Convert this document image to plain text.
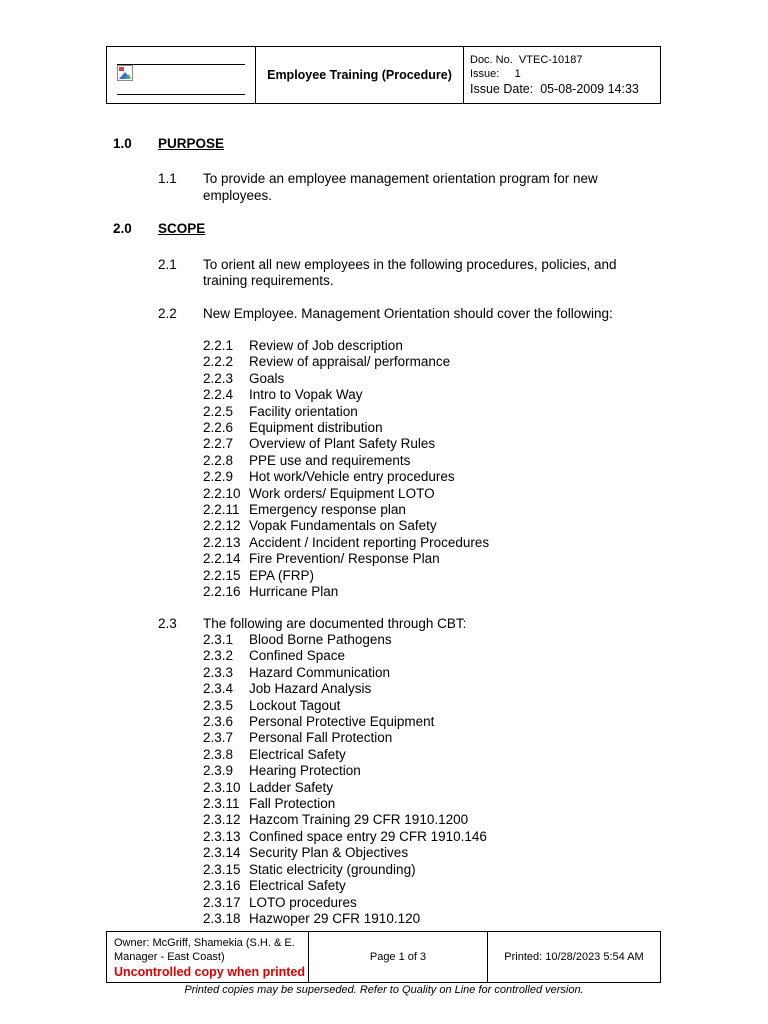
Employee Training (Procedure)
Doc. No. VTEC-10187
Issue: 1
Issue Date: 05-08-2009 14:33
1.0 PURPOSE
1.1 To provide an employee management orientation program for new
employees.
2.0 SCOPE
2.1 To orient all new employees in the following procedures, policies, and
training requirements.
2.2 New Employee. Management Orientation should cover the following:
2.2.1	Review of Job description
2.2.2	Review of appraisal/ performance
2.2.3	Goals
2.2.4	Intro to Vopak Way
2.2.5	Facility orientation
2.2.6	Equipment distribution
2.2.7	Overview of Plant Safety Rules
2.2.8	PPE use and requirements
2.2.9	Hot work/Vehicle entry procedures
2.2.10 Work orders/ Equipment LOTO
2.2.11 Emergency response plan
2.2.12 Vopak Fundamentals on Safety
2.2.13 Accident / Incident reporting Procedures
2.2.14 Fire Prevention/ Response Plan
2.2.15 EPA (FRP)
2.2.16 Hurricane Plan
2.3 The following are documented through CBT:
2.3.1	Blood Borne Pathogens
2.3.2	Confined Space
2.3.3	Hazard Communication
2.3.4	Job Hazard Analysis
2.3.5	Lockout Tagout
2.3.6	Personal Protective Equipment
2.3.7	Personal Fall Protection
2.3.8	Electrical Safety
2.3.9	Hearing Protection
2.3.10 Ladder Safety
2.3.11 Fall Protection
2.3.12 Hazcom Training 29 CFR 1910.1200
2.3.13 Confined space entry 29 CFR 1910.146
2.3.14 Security Plan & Objectives
2.3.15 Static electricity (grounding)
2.3.16 Electrical Safety
2.3.17 LOTO procedures
2.3.18 Hazwoper 29 CFR 1910.120
Owner: McGriff, Shamekia (S.H. & E.
Manager - East Coast)
Uncontrolled copy when printed
Page 1 of 3	Printed: 10/28/2023 5:54 AM
Printed copies may be superseded. Refer to Quality on Line for controlled version.
